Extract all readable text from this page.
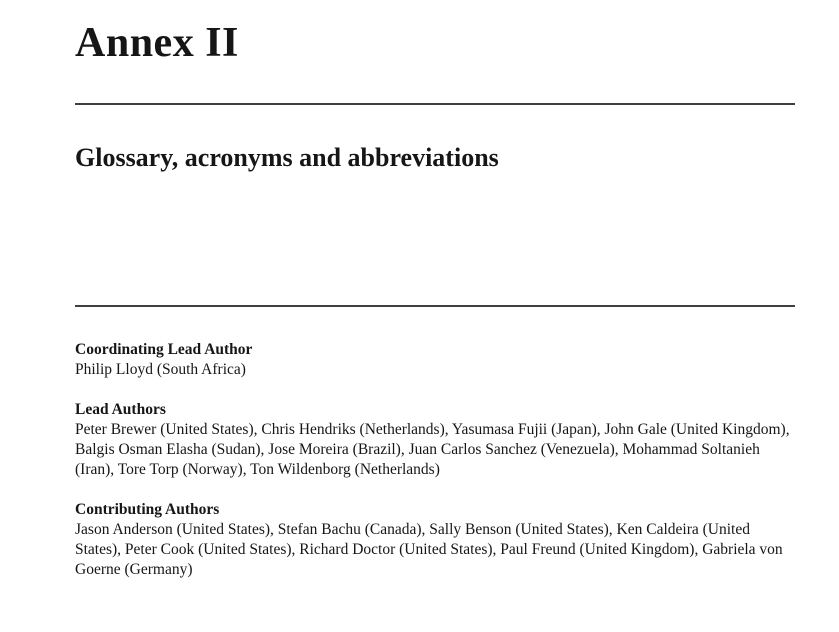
Annex II
Glossary, acronyms and abbreviations
Coordinating Lead Author

Philip Lloyd (South Africa)

Lead Authors

Peter Brewer (United States), Chris Hendriks (Netherlands), Yasumasa Fujii (Japan), John Gale (United Kingdom), Balgis Osman Elasha (Sudan), Jose Moreira (Brazil), Juan Carlos Sanchez (Venezuela), Mohammad Soltanieh (Iran), Tore Torp (Norway), Ton Wildenborg (Netherlands)

Contributing Authors

Jason Anderson (United States), Stefan Bachu (Canada), Sally Benson (United States), Ken Caldeira (United States), Peter Cook (United States), Richard Doctor (United States), Paul Freund (United Kingdom), Gabriela von Goerne (Germany)
